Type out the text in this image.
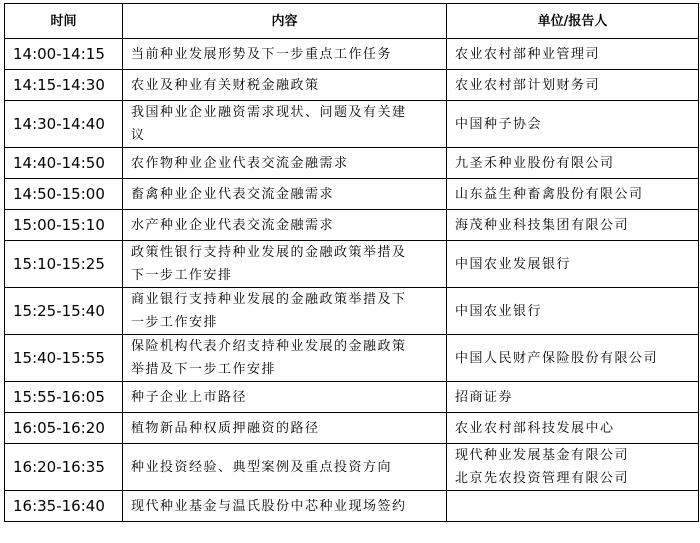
时间	内容	单位/报告人
14:00-14:15	当前种业发展形势及下一步重点工作任务	农业农村部种业管理司

14:15-14:30	农业及种业有关财税金融政策	农业农村部计划财务司

14:30-14:40	我国种业企业融资需求现状、问题及有关建
议	中国种子协会

14:40-14:50	农作物种业企业代表交流金融需求	九圣禾种业股份有限公司

14:50-15:00	畜禽种业企业代表交流金融需求	山东益生种畜禽股份有限公司

15:00-15:10	水产种业企业代表交流金融需求	海茂种业科技集团有限公司

15:10-15:25	政策性银行支持种业发展的金融政策举措及
下一步工作安排	中国农业发展银行

15:25-15:40	商业银行支持种业发展的金融政策举措及下
一步工作安排	中国农业银行

15:40-15:55	保险机构代表介绍支持种业发展的金融政策
举措及下一步工作安排	中国人民财产保险股份有限公司

15:55-16:05	种子企业上市路径	招商证券

16:05-16:20	植物新品种权质押融资的路径	农业农村部科技发展中心

16:20-16:35	种业投资经验、典型案例及重点投资方向	现代种业发展基金有限公司
北京先农投资管理有限公司

16:35-16:40	现代种业基金与温氏股份中芯种业现场签约	
